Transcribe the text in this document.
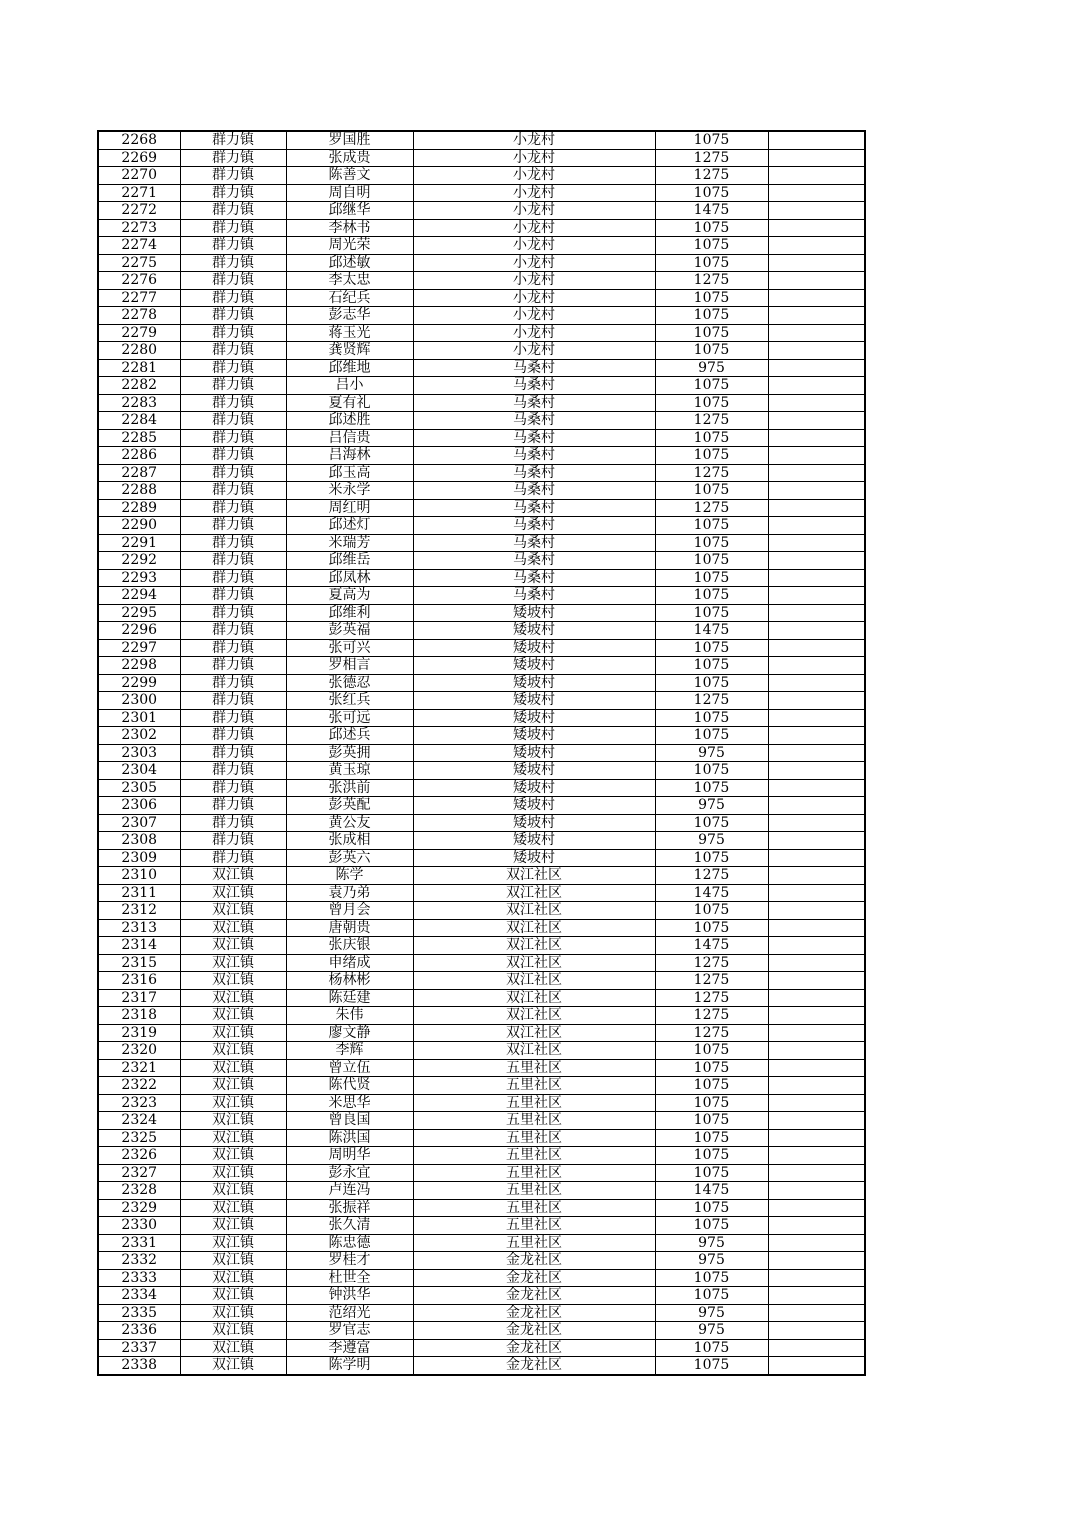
2268	群力镇	罗国胜	小龙村	1075	
2269	群力镇	张成贵	小龙村	1275	
2270	群力镇	陈善文	小龙村	1275	
2271	群力镇	周自明	小龙村	1075	
2272	群力镇	邱继华	小龙村	1475	
2273	群力镇	李林书	小龙村	1075	
2274	群力镇	周光荣	小龙村	1075	
2275	群力镇	邱述敏	小龙村	1075	
2276	群力镇	李太忠	小龙村	1275	
2277	群力镇	石纪兵	小龙村	1075	
2278	群力镇	彭志华	小龙村	1075	
2279	群力镇	蒋玉光	小龙村	1075	
2280	群力镇	龚贤辉	小龙村	1075	
2281	群力镇	邱维地	马桑村	975	
2282	群力镇	吕小	马桑村	1075	
2283	群力镇	夏有礼	马桑村	1075	
2284	群力镇	邱述胜	马桑村	1275	
2285	群力镇	吕信贵	马桑村	1075	
2286	群力镇	吕海林	马桑村	1075	
2287	群力镇	邱玉高	马桑村	1275	
2288	群力镇	米永学	马桑村	1075	
2289	群力镇	周红明	马桑村	1275	
2290	群力镇	邱述灯	马桑村	1075	
2291	群力镇	米瑞芳	马桑村	1075	
2292	群力镇	邱维岳	马桑村	1075	
2293	群力镇	邱凤林	马桑村	1075	
2294	群力镇	夏高为	马桑村	1075	
2295	群力镇	邱维利	矮坡村	1075	
2296	群力镇	彭英福	矮坡村	1475	
2297	群力镇	张可兴	矮坡村	1075	
2298	群力镇	罗相言	矮坡村	1075	
2299	群力镇	张德忍	矮坡村	1075	
2300	群力镇	张红兵	矮坡村	1275	
2301	群力镇	张可远	矮坡村	1075	
2302	群力镇	邱述兵	矮坡村	1075	
2303	群力镇	彭英拥	矮坡村	975	
2304	群力镇	黄玉琼	矮坡村	1075	
2305	群力镇	张洪前	矮坡村	1075	
2306	群力镇	彭英配	矮坡村	975	
2307	群力镇	黄公友	矮坡村	1075	
2308	群力镇	张成相	矮坡村	975	
2309	群力镇	彭英六	矮坡村	1075	
2310	双江镇	陈学	双江社区	1275	
2311	双江镇	袁乃弟	双江社区	1475	
2312	双江镇	曾月会	双江社区	1075	
2313	双江镇	唐朝贵	双江社区	1075	
2314	双江镇	张庆银	双江社区	1475	
2315	双江镇	申绪成	双江社区	1275	
2316	双江镇	杨林彬	双江社区	1275	
2317	双江镇	陈廷建	双江社区	1275	
2318	双江镇	朱伟	双江社区	1275	
2319	双江镇	廖文静	双江社区	1275	
2320	双江镇	李辉	双江社区	1075	
2321	双江镇	曾立伍	五里社区	1075	
2322	双江镇	陈代贤	五里社区	1075	
2323	双江镇	米思华	五里社区	1075	
2324	双江镇	曾良国	五里社区	1075	
2325	双江镇	陈洪国	五里社区	1075	
2326	双江镇	周明华	五里社区	1075	
2327	双江镇	彭永宜	五里社区	1075	
2328	双江镇	卢连冯	五里社区	1475	
2329	双江镇	张振祥	五里社区	1075	
2330	双江镇	张久清	五里社区	1075	
2331	双江镇	陈忠德	五里社区	975	
2332	双江镇	罗桂才	金龙社区	975	
2333	双江镇	杜世全	金龙社区	1075	
2334	双江镇	钟洪华	金龙社区	1075	
2335	双江镇	范绍光	金龙社区	975	
2336	双江镇	罗官志	金龙社区	975	
2337	双江镇	李遵富	金龙社区	1075	
2338	双江镇	陈学明	金龙社区	1075	
